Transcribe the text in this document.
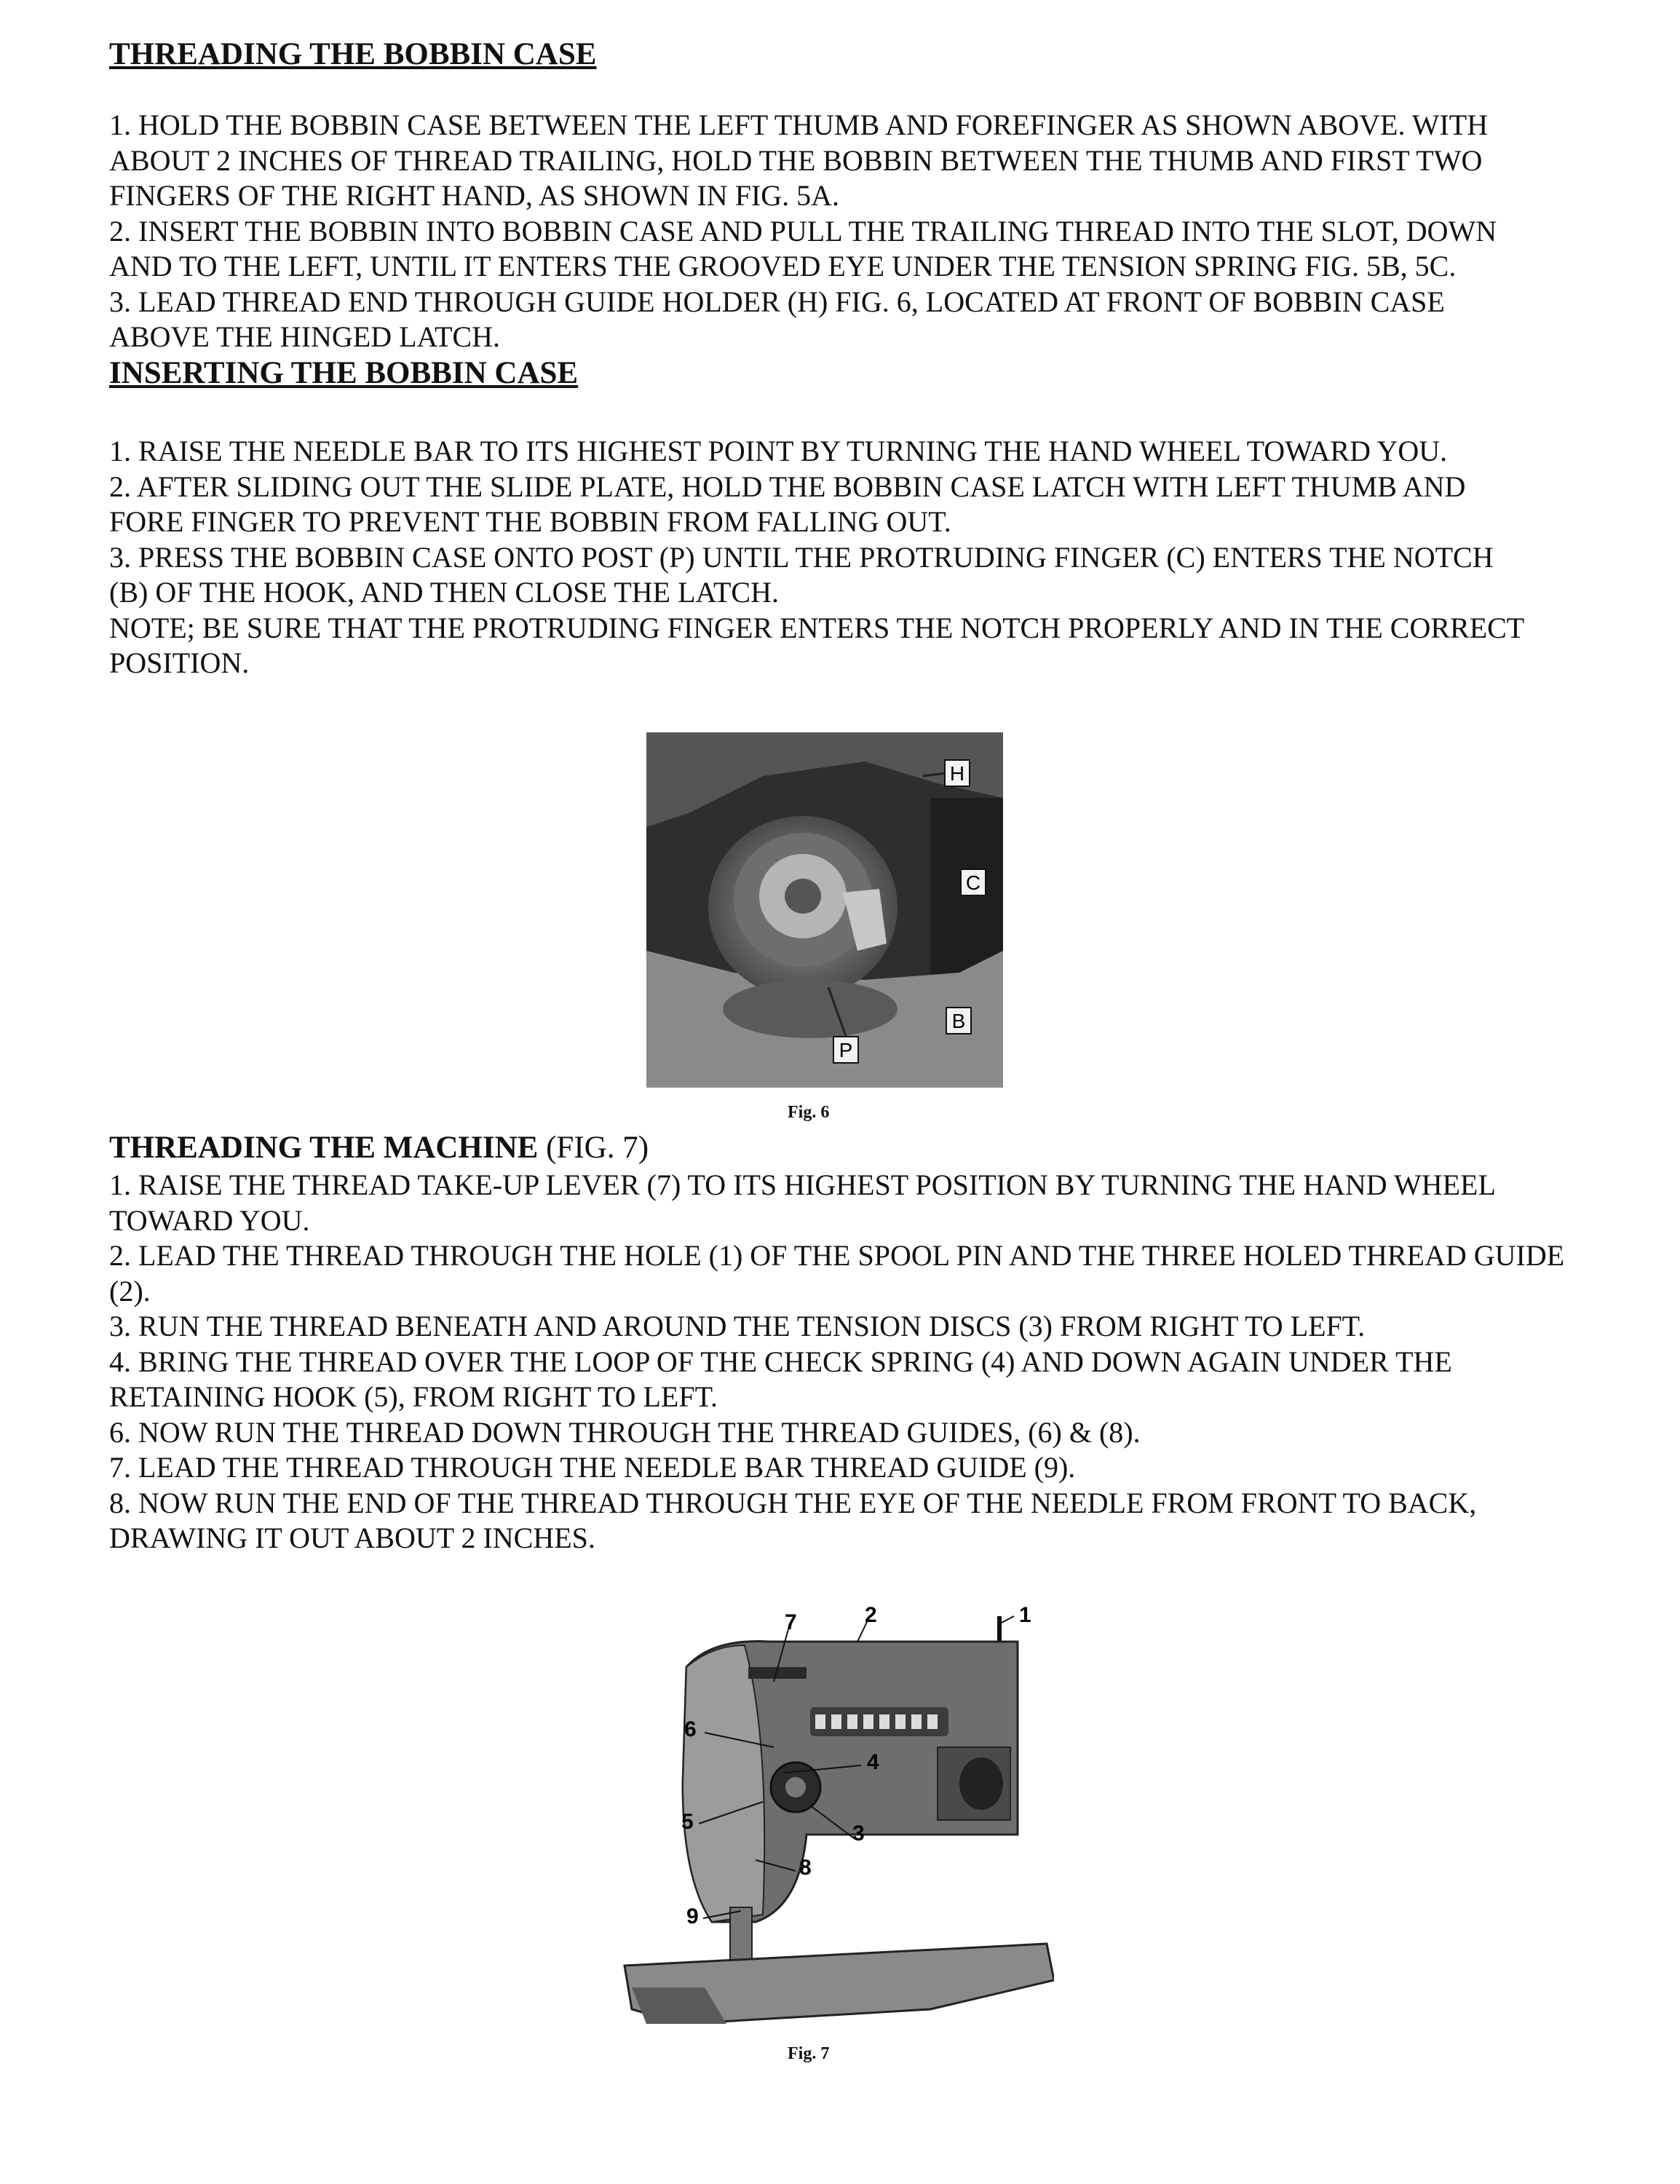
THREADING THE BOBBIN CASE

1. HOLD THE BOBBIN CASE BETWEEN THE LEFT THUMB AND FOREFINGER AS SHOWN ABOVE. WITH
ABOUT 2 INCHES OF THREAD TRAILING, HOLD THE BOBBIN BETWEEN THE THUMB AND FIRST TWO
FINGERS OF THE RIGHT HAND, AS SHOWN IN FIG. 5A.
2. INSERT THE BOBBIN INTO BOBBIN CASE AND PULL THE TRAILING THREAD INTO THE SLOT, DOWN
AND TO THE LEFT, UNTIL IT ENTERS THE GROOVED EYE UNDER THE TENSION SPRING FIG. 5B, 5C.
3. LEAD THREAD END THROUGH GUIDE HOLDER (H) FIG. 6, LOCATED AT FRONT OF BOBBIN CASE
ABOVE THE HINGED LATCH.

INSERTING THE BOBBIN CASE

1. RAISE THE NEEDLE BAR TO ITS HIGHEST POINT BY TURNING THE HAND WHEEL TOWARD YOU.
2. AFTER SLIDING OUT THE SLIDE PLATE, HOLD THE BOBBIN CASE LATCH WITH LEFT THUMB AND
FORE FINGER TO PREVENT THE BOBBIN FROM FALLING OUT.
3. PRESS THE BOBBIN CASE ONTO POST (P) UNTIL THE PROTRUDING FINGER (C) ENTERS THE NOTCH
(B) OF THE HOOK, AND THEN CLOSE THE LATCH.
NOTE; BE SURE THAT THE PROTRUDING FINGER ENTERS THE NOTCH PROPERLY AND IN THE CORRECT
POSITION.
H
C
B
P
Fig. 6
THREADING THE MACHINE (FIG. 7)
1. RAISE THE THREAD TAKE-UP LEVER (7) TO ITS HIGHEST POSITION BY TURNING THE HAND WHEEL
TOWARD YOU.
2. LEAD THE THREAD THROUGH THE HOLE (1) OF THE SPOOL PIN AND THE THREE HOLED THREAD GUIDE
(2).
3. RUN THE THREAD BENEATH AND AROUND THE TENSION DISCS (3) FROM RIGHT TO LEFT.
4. BRING THE THREAD OVER THE LOOP OF THE CHECK SPRING (4) AND DOWN AGAIN UNDER THE
RETAINING HOOK (5), FROM RIGHT TO LEFT.
6. NOW RUN THE THREAD DOWN THROUGH THE THREAD GUIDES, (6) & (8).
7. LEAD THE THREAD THROUGH THE NEEDLE BAR THREAD GUIDE (9).
8. NOW RUN THE END OF THE THREAD THROUGH THE EYE OF THE NEEDLE FROM FRONT TO BACK,
DRAWING IT OUT ABOUT 2 INCHES.
1
2
3
4
5
6
7
8
9
Fig. 7
